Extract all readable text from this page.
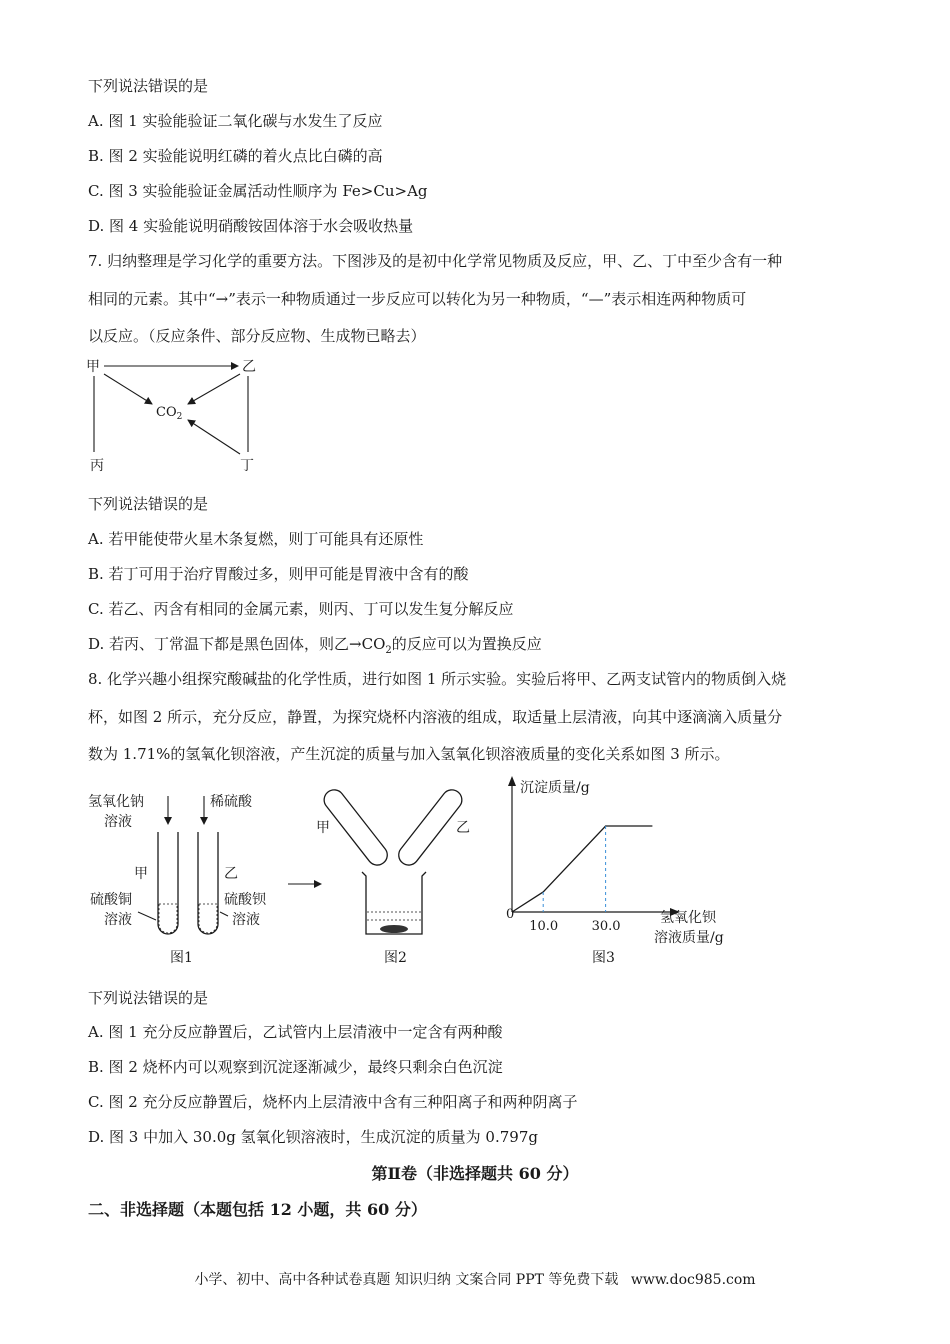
下列说法错误的是
A. 图 1 实验能验证二氧化碳与水发生了反应
B. 图 2 实验能说明红磷的着火点比白磷的高
C. 图 3 实验能验证金属活动性顺序为 Fe>Cu>Ag
D. 图 4 实验能说明硝酸铵固体溶于水会吸收热量
7. 归纳整理是学习化学的重要方法。下图涉及的是初中化学常见物质及反应，甲、乙、丁中至少含有一种
相同的元素。其中“→”表示一种物质通过一步反应可以转化为另一种物质，“—”表示相连两种物质可
以反应。（反应条件、部分反应物、生成物已略去）
甲	乙
丙	丁
$CO_2$
下列说法错误的是
A. 若甲能使带火星木条复燃，则丁可能具有还原性
B. 若丁可用于治疗胃酸过多，则甲可能是胃液中含有的酸
C. 若乙、丙含有相同的金属元素，则丙、丁可以发生复分解反应
D. 若丙、丁常温下都是黑色固体，则乙$\to CO_2$的反应可以为置换反应
8. 化学兴趣小组探究酸碱盐的化学性质，进行如图 1 所示实验。实验后将甲、乙两支试管内的物质倒入烧
杯，如图 2 所示，充分反应，静置，为探究烧杯内溶液的组成，取适量上层清液，向其中逐滴滴入质量分
数为 1.71%的氢氧化钡溶液，产生沉淀的质量与加入氢氧化钡溶液质量的变化关系如图 3 所示。
氢氧化钠
溶液
稀硫酸
甲	乙
硫酸铜
溶液
硫酸钡
溶液
图1
甲	乙
图2
沉淀质量/g
0
10.0	30.0
氢氧化钡
溶液质量/g
图3
下列说法错误的是
A. 图 1 充分反应静置后，乙试管内上层清液中一定含有两种酸
B. 图 2 烧杯内可以观察到沉淀逐渐减少，最终只剩余白色沉淀
C. 图 2 充分反应静置后，烧杯内上层清液中含有三种阳离子和两种阴离子
D. 图 3 中加入 30.0g 氢氧化钡溶液时，生成沉淀的质量为 0.797g
第Ⅱ卷（非选择题共 60 分）
二、非选择题（本题包括 12 小题，共 60 分）
小学、初中、高中各种试卷真题 知识归纳 文案合同 PPT 等免费下载 www.doc985.com
